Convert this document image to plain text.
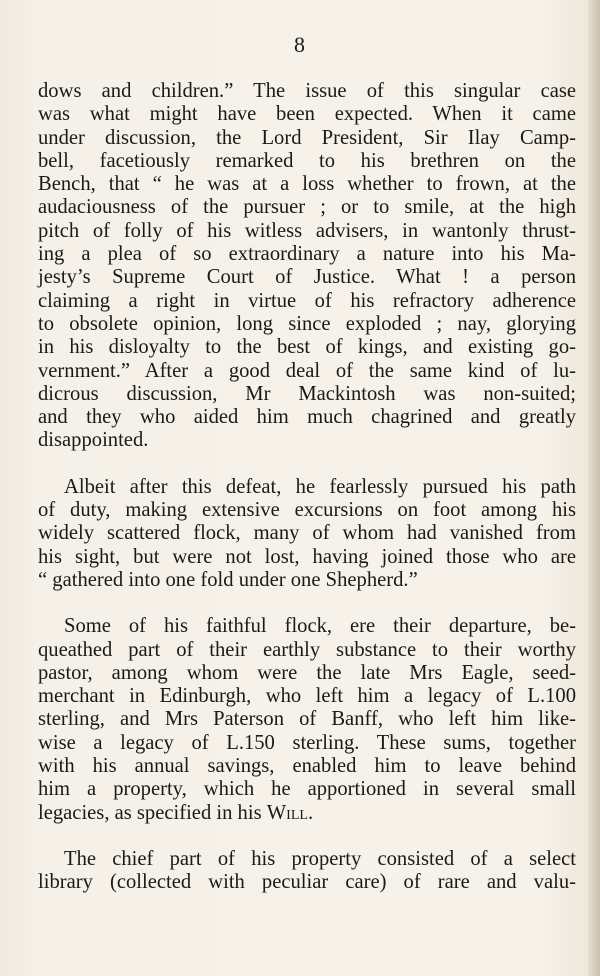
8
dows and children.” The issue of this singular case
was what might have been expected. When it came
under discussion, the Lord President, Sir Ilay Camp-
bell, facetiously remarked to his brethren on the
Bench, that “ he was at a loss whether to frown, at the
audaciousness of the pursuer ; or to smile, at the high
pitch of folly of his witless advisers, in wantonly thrust-
ing a plea of so extraordinary a nature into his Ma-
jesty’s Supreme Court of Justice. What ! a person
claiming a right in virtue of his refractory adherence
to obsolete opinion, long since exploded ; nay, glorying
in his disloyalty to the best of kings, and existing go-
vernment.” After a good deal of the same kind of lu-
dicrous discussion, Mr Mackintosh was non-suited;
and they who aided him much chagrined and greatly
disappointed.
Albeit after this defeat, he fearlessly pursued his path
of duty, making extensive excursions on foot among his
widely scattered flock, many of whom had vanished from
his sight, but were not lost, having joined those who are
“ gathered into one fold under one Shepherd.”
Some of his faithful flock, ere their departure, be-
queathed part of their earthly substance to their worthy
pastor, among whom were the late Mrs Eagle, seed-
merchant in Edinburgh, who left him a legacy of L.100
sterling, and Mrs Paterson of Banff, who left him like-
wise a legacy of L.150 sterling. These sums, together
with his annual savings, enabled him to leave behind
him a property, which he apportioned in several small
legacies, as specified in his Will.
The chief part of his property consisted of a select
library (collected with peculiar care) of rare and valu-
